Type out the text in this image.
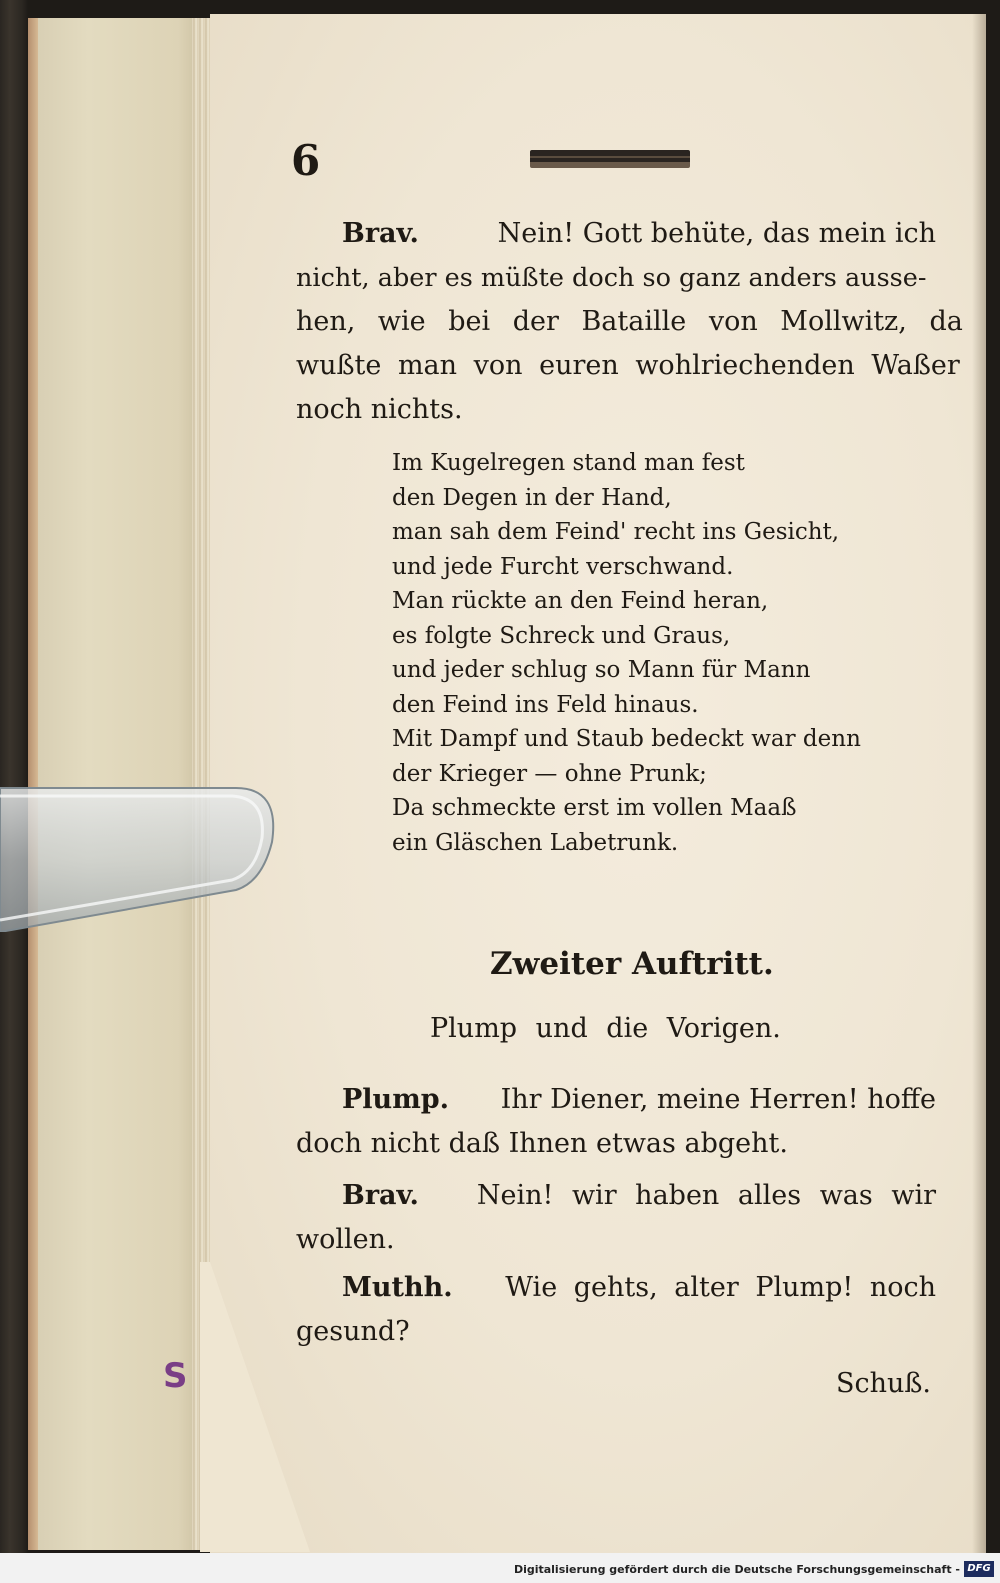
6
Brav.	Nein! Gott behüte, das mein ich
nicht, aber es müßte doch so ganz anders ausse-
hen, wie bei der Bataille von Mollwitz, da
wußte man von euren wohlriechenden Waßer
noch nichts.
Im Kugelregen stand man fest
den Degen in der Hand,
man sah dem Feind' recht ins Gesicht,
und jede Furcht verschwand.
Man rückte an den Feind heran,
es folgte Schreck und Graus,
und jeder schlug so Mann für Mann
den Feind ins Feld hinaus.
Mit Dampf und Staub bedeckt war denn
der Krieger — ohne Prunk;
Da schmeckte erst im vollen Maaß
ein Gläschen Labetrunk.
Zweiter Auftritt.
Plump und die Vorigen.
Plump. Ihr Diener, meine Herren! hoffe
doch nicht daß Ihnen etwas abgeht.
Brav. Nein! wir haben alles was wir
wollen.
Muthh. Wie gehts, alter Plump! noch
gesund?
Schuß.
S
Digitalisierung gefördert durch die Deutsche Forschungsgemeinschaft - DFG
